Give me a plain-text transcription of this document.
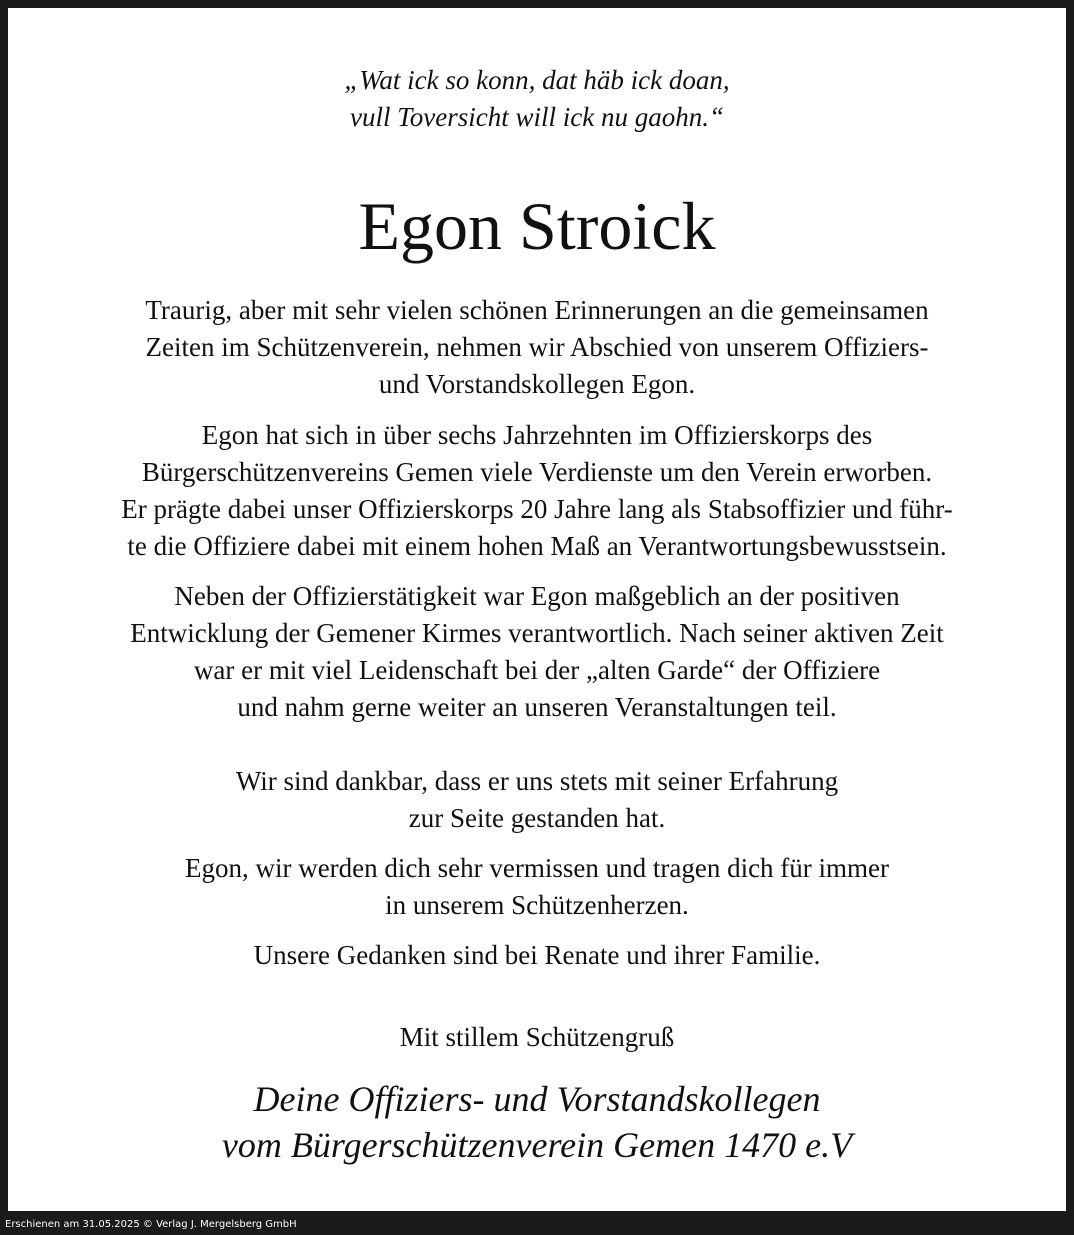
„Wat ick so konn, dat häb ick doan,
vull Toversicht will ick nu gaohn.“
Egon Stroick
Traurig, aber mit sehr vielen schönen Erinnerungen an die gemeinsamen
Zeiten im Schützenverein, nehmen wir Abschied von unserem Offiziers-
und Vorstandskollegen Egon.
Egon hat sich in über sechs Jahrzehnten im Offizierskorps des
Bürgerschützenvereins Gemen viele Verdienste um den Verein erworben.
Er prägte dabei unser Offizierskorps 20 Jahre lang als Stabsoffizier und führ-
te die Offiziere dabei mit einem hohen Maß an Verantwortungsbewusstsein.
Neben der Offizierstätigkeit war Egon maßgeblich an der positiven
Entwicklung der Gemener Kirmes verantwortlich. Nach seiner aktiven Zeit
war er mit viel Leidenschaft bei der „alten Garde“ der Offiziere
und nahm gerne weiter an unseren Veranstaltungen teil.
Wir sind dankbar, dass er uns stets mit seiner Erfahrung
zur Seite gestanden hat.
Egon, wir werden dich sehr vermissen und tragen dich für immer
in unserem Schützenherzen.
Unsere Gedanken sind bei Renate und ihrer Familie.
Mit stillem Schützengruß
Deine Offiziers- und Vorstandskollegen
vom Bürgerschützenverein Gemen 1470 e.V
Erschienen am 31.05.2025 © Verlag J. Mergelsberg GmbH
